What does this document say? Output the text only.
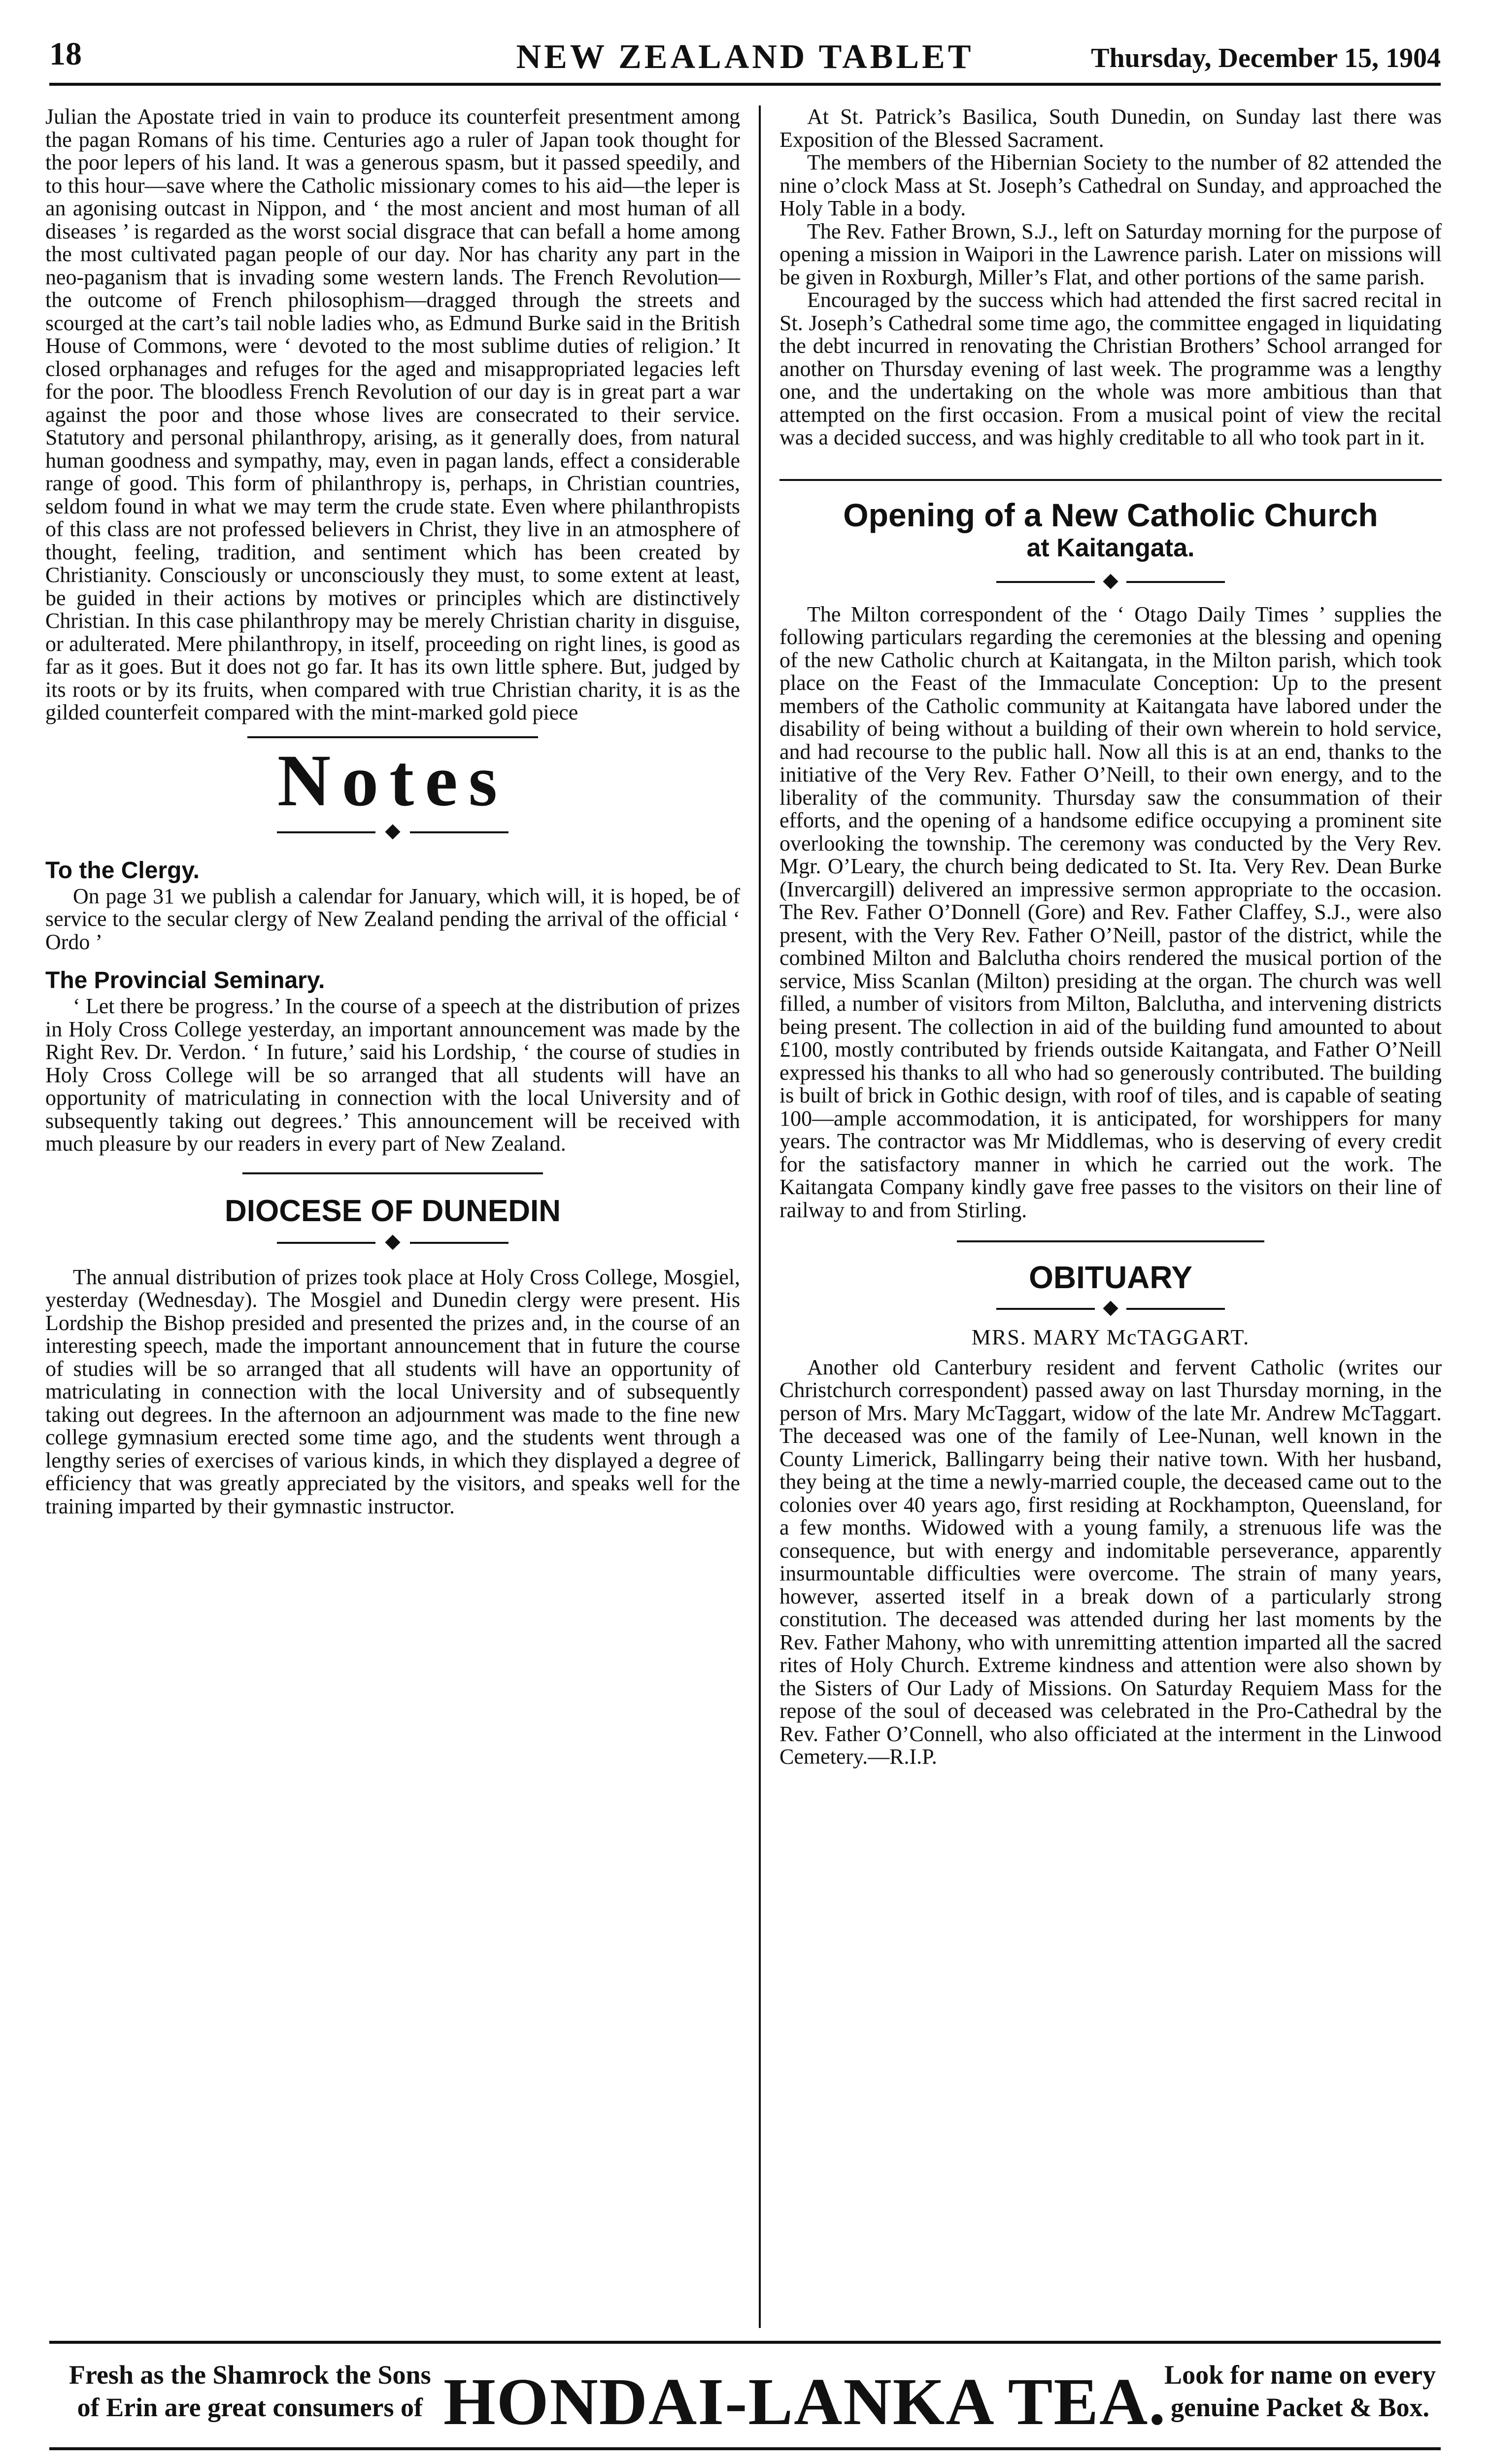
18	NEW ZEALAND TABLET	Thursday, December 15, 1904

Julian the Apostate tried in vain to produce its counterfeit presentment among the pagan Romans of his time. Centuries ago a ruler of Japan took thought for the poor lepers of his land. It was a generous spasm, but it passed speedily, and to this hour—save where the Catholic missionary comes to his aid—the leper is an agonising outcast in Nippon, and ‘ the most ancient and most human of all diseases ’ is regarded as the worst social disgrace that can befall a home among the most cultivated pagan people of our day. Nor has charity any part in the neo-paganism that is invading some western lands. The French Revolution—the outcome of French philosophism—dragged through the streets and scourged at the cart’s tail noble ladies who, as Edmund Burke said in the British House of Commons, were ‘ devoted to the most sublime duties of religion.’ It closed orphanages and refuges for the aged and misappropriated legacies left for the poor. The bloodless French Revolution of our day is in great part a war against the poor and those whose lives are consecrated to their service. Statutory and personal philanthropy, arising, as it generally does, from natural human goodness and sympathy, may, even in pagan lands, effect a considerable range of good. This form of philanthropy is, perhaps, in Christian countries, seldom found in what we may term the crude state. Even where philanthropists of this class are not professed believers in Christ, they live in an atmosphere of thought, feeling, tradition, and sentiment which has been created by Christianity. Consciously or unconsciously they must, to some extent at least, be guided in their actions by motives or principles which are distinctively Christian. In this case philanthropy may be merely Christian charity in disguise, or adulterated. Mere philanthropy, in itself, proceeding on right lines, is good as far as it goes. But it does not go far. It has its own little sphere. But, judged by its roots or by its fruits, when compared with true Christian charity, it is as the gilded counterfeit compared with the mint-marked gold piece

Notes
To the Clergy.

On page 31 we publish a calendar for January, which will, it is hoped, be of service to the secular clergy of New Zealand pending the arrival of the official ‘ Ordo ’

The Provincial Seminary.

‘ Let there be progress.’ In the course of a speech at the distribution of prizes in Holy Cross College yesterday, an important announcement was made by the Right Rev. Dr. Verdon. ‘ In future,’ said his Lordship, ‘ the course of studies in Holy Cross College will be so arranged that all students will have an opportunity of matriculating in connection with the local University and of subsequently taking out degrees.’ This announcement will be received with much pleasure by our readers in every part of New Zealand.

DIOCESE OF DUNEDIN

The annual distribution of prizes took place at Holy Cross College, Mosgiel, yesterday (Wednesday). The Mosgiel and Dunedin clergy were present. His Lordship the Bishop presided and presented the prizes and, in the course of an interesting speech, made the important announcement that in future the course of studies will be so arranged that all students will have an opportunity of matriculating in connection with the local University and of subsequently taking out degrees. In the afternoon an adjournment was made to the fine new college gymnasium erected some time ago, and the students went through a lengthy series of exercises of various kinds, in which they displayed a degree of efficiency that was greatly appreciated by the visitors, and speaks well for the training imparted by their gymnastic instructor.

At St. Patrick’s Basilica, South Dunedin, on Sunday last there was Exposition of the Blessed Sacrament.

The members of the Hibernian Society to the number of 82 attended the nine o’clock Mass at St. Joseph’s Cathedral on Sunday, and approached the Holy Table in a body.

The Rev. Father Brown, S.J., left on Saturday morning for the purpose of opening a mission in Waipori in the Lawrence parish. Later on missions will be given in Roxburgh, Miller’s Flat, and other portions of the same parish.

Encouraged by the success which had attended the first sacred recital in St. Joseph’s Cathedral some time ago, the committee engaged in liquidating the debt incurred in renovating the Christian Brothers’ School arranged for another on Thursday evening of last week. The programme was a lengthy one, and the undertaking on the whole was more ambitious than that attempted on the first occasion. From a musical point of view the recital was a decided success, and was highly creditable to all who took part in it.

Opening of a New Catholic Church
at Kaitangata.

The Milton correspondent of the ‘ Otago Daily Times ’ supplies the following particulars regarding the ceremonies at the blessing and opening of the new Catholic church at Kaitangata, in the Milton parish, which took place on the Feast of the Immaculate Conception: Up to the present members of the Catholic community at Kaitangata have labored under the disability of being without a building of their own wherein to hold service, and had recourse to the public hall. Now all this is at an end, thanks to the initiative of the Very Rev. Father O’Neill, to their own energy, and to the liberality of the community. Thursday saw the consummation of their efforts, and the opening of a handsome edifice occupying a prominent site overlooking the township. The ceremony was conducted by the Very Rev. Mgr. O’Leary, the church being dedicated to St. Ita. Very Rev. Dean Burke (Invercargill) delivered an impressive sermon appropriate to the occasion. The Rev. Father O’Donnell (Gore) and Rev. Father Claffey, S.J., were also present, with the Very Rev. Father O’Neill, pastor of the district, while the combined Milton and Balclutha choirs rendered the musical portion of the service, Miss Scanlan (Milton) presiding at the organ. The church was well filled, a number of visitors from Milton, Balclutha, and intervening districts being present. The collection in aid of the building fund amounted to about £100, mostly contributed by friends outside Kaitangata, and Father O’Neill expressed his thanks to all who had so generously contributed. The building is built of brick in Gothic design, with roof of tiles, and is capable of seating 100—ample accommodation, it is anticipated, for worshippers for many years. The contractor was Mr Middlemas, who is deserving of every credit for the satisfactory manner in which he carried out the work. The Kaitangata Company kindly gave free passes to the visitors on their line of railway to and from Stirling.

OBITUARY
MRS. MARY McTAGGART.

Another old Canterbury resident and fervent Catholic (writes our Christchurch correspondent) passed away on last Thursday morning, in the person of Mrs. Mary McTaggart, widow of the late Mr. Andrew McTaggart. The deceased was one of the family of Lee-Nunan, well known in the County Limerick, Ballingarry being their native town. With her husband, they being at the time a newly-married couple, the deceased came out to the colonies over 40 years ago, first residing at Rockhampton, Queensland, for a few months. Widowed with a young family, a strenuous life was the consequence, but with energy and indomitable perseverance, apparently insurmountable difficulties were overcome. The strain of many years, however, asserted itself in a break down of a particularly strong constitution. The deceased was attended during her last moments by the Rev. Father Mahony, who with unremitting attention imparted all the sacred rites of Holy Church. Extreme kindness and attention were also shown by the Sisters of Our Lady of Missions. On Saturday Requiem Mass for the repose of the soul of deceased was celebrated in the Pro-Cathedral by the Rev. Father O’Connell, who also officiated at the interment in the Linwood Cemetery.—R.I.P.

Fresh as the Shamrock the Sons
of Erin are great consumers of HONDAI-LANKA TEA.
Look for name on every
genuine Packet & Box.
